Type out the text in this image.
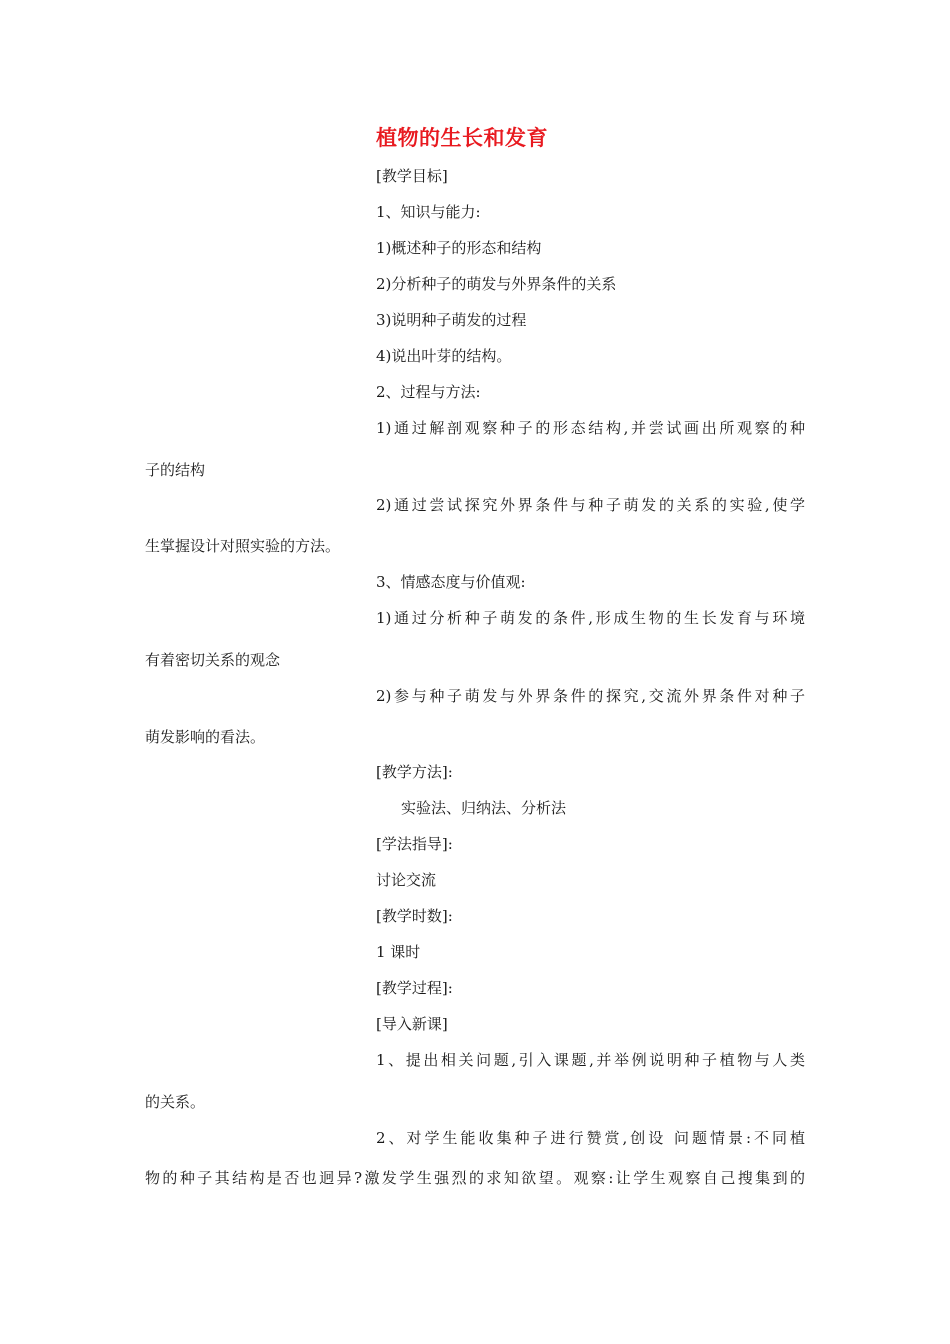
植物的生长和发育
[教学目标]
1、知识与能力:
1)概述种子的形态和结构
2)分析种子的萌发与外界条件的关系
3)说明种子萌发的过程
4)说出叶芽的结构。
2、过程与方法:
1)通过解剖观察种子的形态结构,并尝试画出所观察的种
子的结构
2)通过尝试探究外界条件与种子萌发的关系的实验,使学
生掌握设计对照实验的方法。
3、情感态度与价值观:
1)通过分析种子萌发的条件,形成生物的生长发育与环境
有着密切关系的观念
2)参与种子萌发与外界条件的探究,交流外界条件对种子
萌发影响的看法。
[教学方法]:
实验法、归纳法、分析法
[学法指导]:
讨论交流
[教学时数]:
1 课时
[教学过程]:
[导入新课]
1、提出相关问题,引入课题,并举例说明种子植物与人类
的关系。
2、对学生能收集种子进行赞赏,创设 问题情景:不同植
物的种子其结构是否也迥异?激发学生强烈的求知欲望。观察:让学生观察自己搜集到的
